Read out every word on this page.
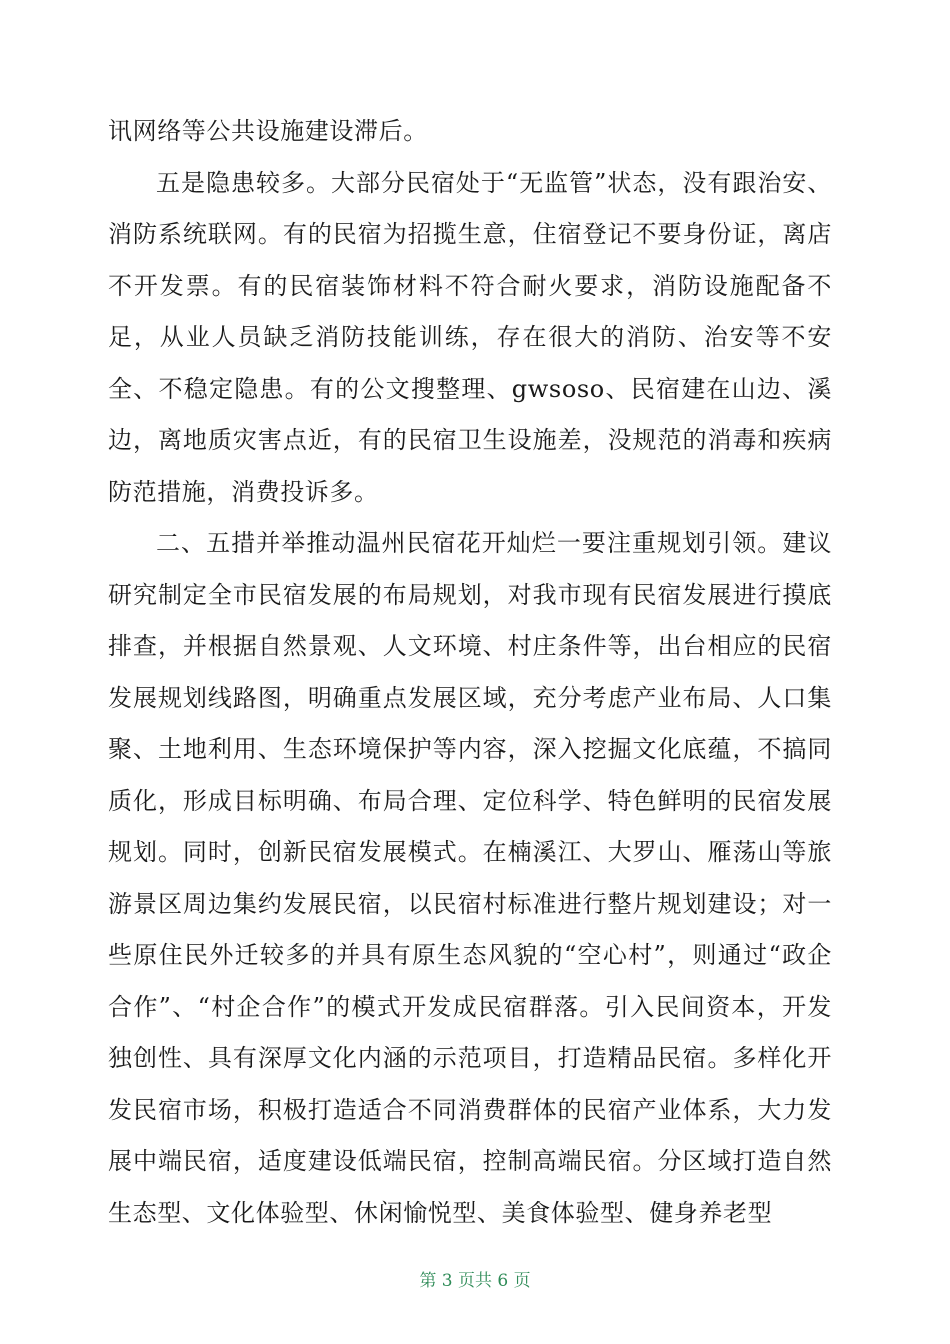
讯网络等公共设施建设滞后。

五是隐患较多。大部分民宿处于“无监管”状态，没有跟治安、消防系统联网。有的民宿为招揽生意，住宿登记不要身份证，离店不开发票。有的民宿装饰材料不符合耐火要求，消防设施配备不足，从业人员缺乏消防技能训练，存在很大的消防、治安等不安全、不稳定隐患。有的公文搜整理、gwsoso、民宿建在山边、溪边，离地质灾害点近，有的民宿卫生设施差，没规范的消毒和疾病防范措施，消费投诉多。

二、五措并举推动温州民宿花开灿烂一要注重规划引领。建议研究制定全市民宿发展的布局规划，对我市现有民宿发展进行摸底排查，并根据自然景观、人文环境、村庄条件等，出台相应的民宿发展规划线路图，明确重点发展区域，充分考虑产业布局、人口集聚、土地利用、生态环境保护等内容，深入挖掘文化底蕴，不搞同质化，形成目标明确、布局合理、定位科学、特色鲜明的民宿发展规划。同时，创新民宿发展模式。在楠溪江、大罗山、雁荡山等旅游景区周边集约发展民宿，以民宿村标准进行整片规划建设；对一些原住民外迁较多的并具有原生态风貌的“空心村”，则通过“政企合作”、“村企合作”的模式开发成民宿群落。引入民间资本，开发独创性、具有深厚文化内涵的示范项目，打造精品民宿。多样化开发民宿市场，积极打造适合不同消费群体的民宿产业体系，大力发展中端民宿，适度建设低端民宿，控制高端民宿。分区域打造自然生态型、文化体验型、休闲愉悦型、美食体验型、健身养老型

第 3 页共 6 页
